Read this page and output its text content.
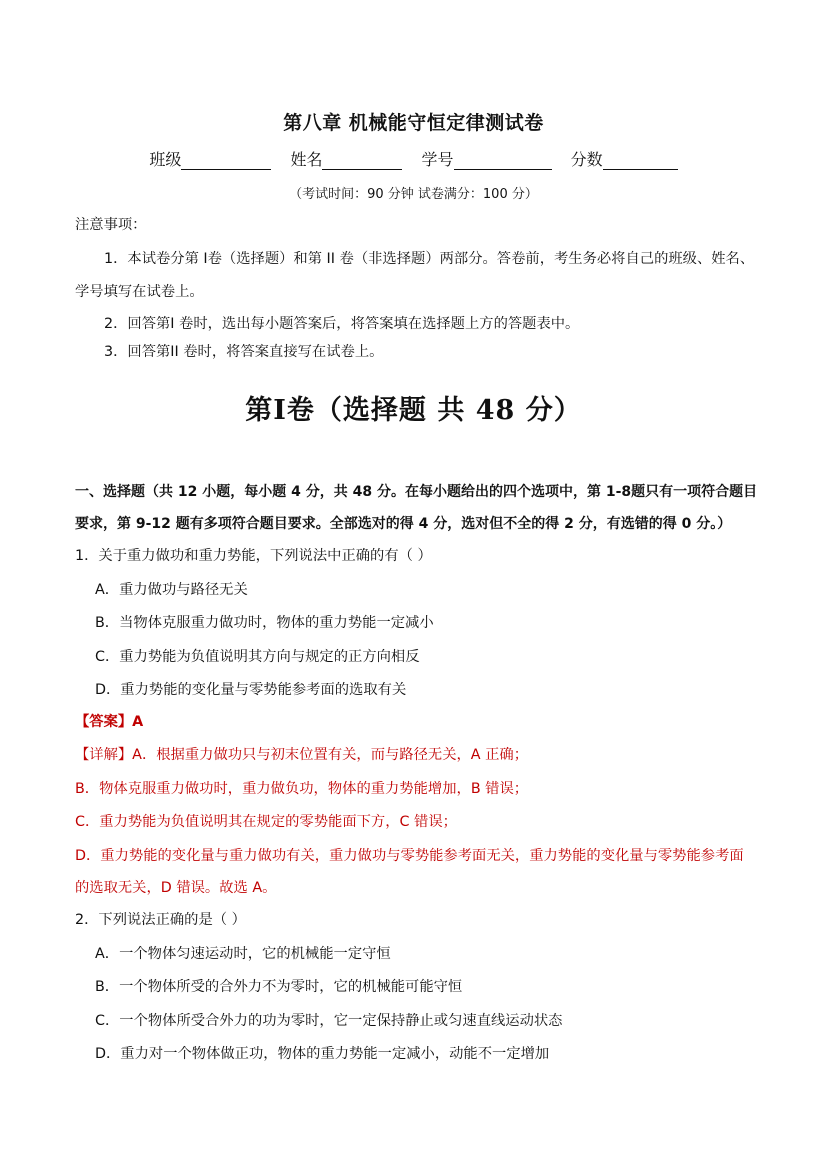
第八章 机械能守恒定律测试卷
班级	姓名	学号	分数
（考试时间：90 分钟 试卷满分：100 分）
注意事项：
1．本试卷分第 I卷（选择题）和第 II 卷（非选择题）两部分。答卷前，考生务必将自己的班级、姓名、
学号填写在试卷上。
2．回答第I 卷时，选出每小题答案后，将答案填在选择题上方的答题表中。
3．回答第II 卷时，将答案直接写在试卷上。
第I卷（选择题 共 48 分）
一、选择题（共 12 小题，每小题 4 分，共 48 分。在每小题给出的四个选项中，第 1-8题只有一项符合题目
要求，第 9-12 题有多项符合题目要求。全部选对的得 4 分，选对但不全的得 2 分，有选错的得 0 分。）
1．关于重力做功和重力势能，下列说法中正确的有（ ）
A．重力做功与路径无关
B．当物体克服重力做功时，物体的重力势能一定减小
C．重力势能为负值说明其方向与规定的正方向相反
D．重力势能的变化量与零势能参考面的选取有关
【答案】A
【详解】A．根据重力做功只与初末位置有关，而与路径无关，A 正确；
B．物体克服重力做功时，重力做负功，物体的重力势能增加，B 错误；
C．重力势能为负值说明其在规定的零势能面下方，C 错误；
D．重力势能的变化量与重力做功有关，重力做功与零势能参考面无关，重力势能的变化量与零势能参考面
的选取无关，D 错误。故选 A。
2．下列说法正确的是（ ）
A．一个物体匀速运动时，它的机械能一定守恒
B．一个物体所受的合外力不为零时，它的机械能可能守恒
C．一个物体所受合外力的功为零时，它一定保持静止或匀速直线运动状态
D．重力对一个物体做正功，物体的重力势能一定减小，动能不一定增加
